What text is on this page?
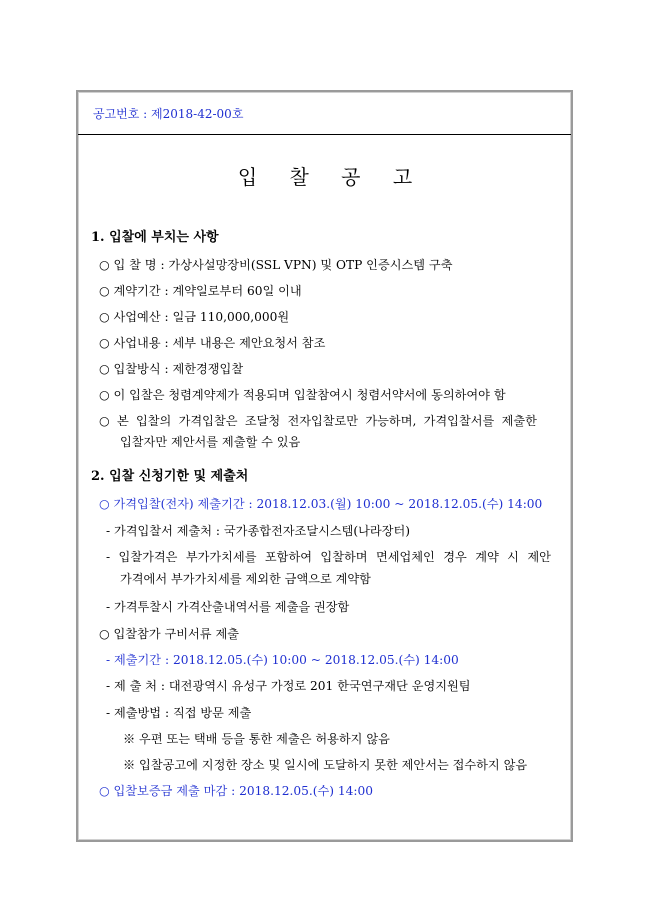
공고번호 : 제2018-42-00호
입 찰 공 고
1. 입찰에 부치는 사항
○ 입 찰 명 : 가상사설망장비(SSL VPN) 및 OTP 인증시스템 구축
○ 계약기간 : 계약일로부터 60일 이내
○ 사업예산 : 일금 110,000,000원
○ 사업내용 : 세부 내용은 제안요청서 참조
○ 입찰방식 : 제한경쟁입찰
○ 이 입찰은 청렴계약제가 적용되며 입찰참여시 청렴서약서에 동의하여야 함
○ 본 입찰의 가격입찰은 조달청 전자입찰로만 가능하며, 가격입찰서를 제출한
입찰자만 제안서를 제출할 수 있음
2. 입찰 신청기한 및 제출처
○ 가격입찰(전자) 제출기간 : 2018.12.03.(월) 10:00 ~ 2018.12.05.(수) 14:00
- 가격입찰서 제출처 : 국가종합전자조달시스템(나라장터)
- 입찰가격은 부가가치세를 포함하여 입찰하며 면세업체인 경우 계약 시 제안
가격에서 부가가치세를 제외한 금액으로 계약함
- 가격투찰시 가격산출내역서를 제출을 권장함
○ 입찰참가 구비서류 제출
- 제출기간 : 2018.12.05.(수) 10:00 ~ 2018.12.05.(수) 14:00
- 제 출 처 : 대전광역시 유성구 가정로 201 한국연구재단 운영지원팀
- 제출방법 : 직접 방문 제출
※ 우편 또는 택배 등을 통한 제출은 허용하지 않음
※ 입찰공고에 지정한 장소 및 일시에 도달하지 못한 제안서는 접수하지 않음
○ 입찰보증금 제출 마감 : 2018.12.05.(수) 14:00
